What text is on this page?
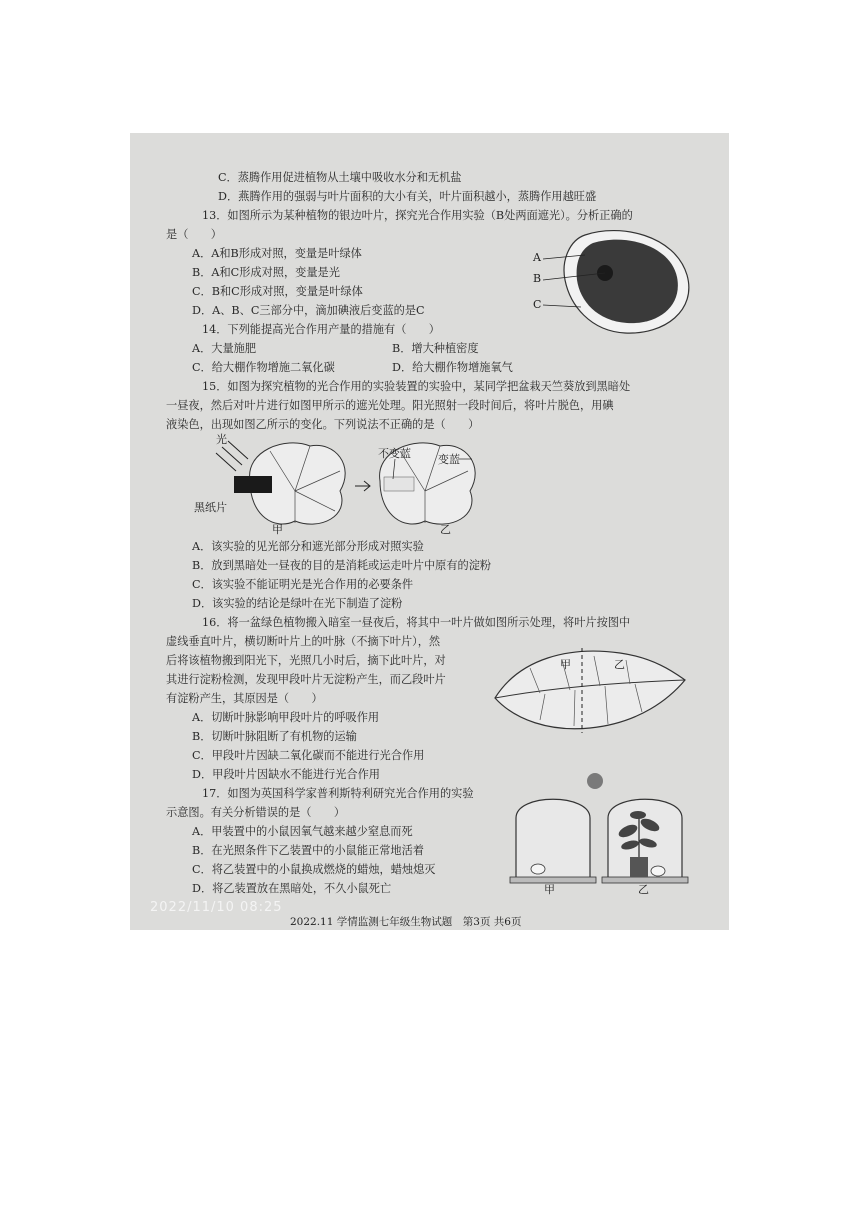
C．蒸腾作用促进植物从土壤中吸收水分和无机盐
D．燕腾作用的强弱与叶片面积的大小有关，叶片面积越小，蒸腾作用越旺盛
13．如图所示为某种植物的银边叶片，探究光合作用实验（B处两面遮光）。分析正确的
是（　　）
A．A和B形成对照，变量是叶绿体
B．A和C形成对照，变量是光
C．B和C形成对照，变量是叶绿体
D．A、B、C三部分中，滴加碘液后变蓝的是C
14．下列能提高光合作用产量的措施有（　　）
A．大量施肥	B．增大种植密度
C．给大棚作物增施二氧化碳	D．给大棚作物增施氧气
15．如图为探究植物的光合作用的实验装置的实验中，某同学把盆栽天竺葵放到黑暗处
一昼夜，然后对叶片进行如图甲所示的遮光处理。阳光照射一段时间后，将叶片脱色，用碘
液染色，出现如图乙所示的变化。下列说法不正确的是（　　）
A．该实验的见光部分和遮光部分形成对照实验
B．放到黑暗处一昼夜的目的是消耗或运走叶片中原有的淀粉
C．该实验不能证明光是光合作用的必要条件
D．该实验的结论是绿叶在光下制造了淀粉
16．将一盆绿色植物搬入暗室一昼夜后，将其中一叶片做如图所示处理，将叶片按图中
虚线垂直叶片，横切断叶片上的叶脉（不摘下叶片），然
后将该植物搬到阳光下，光照几小时后，摘下此叶片，对
其进行淀粉检测，发现甲段叶片无淀粉产生，而乙段叶片
有淀粉产生，其原因是（　　）
A．切断叶脉影响甲段叶片的呼吸作用
B．切断叶脉阻断了有机物的运输
C．甲段叶片因缺二氧化碳而不能进行光合作用
D．甲段叶片因缺水不能进行光合作用
17．如图为英国科学家普利斯特利研究光合作用的实验
示意图。有关分析错误的是（　　）
A．甲装置中的小鼠因氧气越来越少窒息而死
B．在光照条件下乙装置中的小鼠能正常地活着
C．将乙装置中的小鼠换成燃烧的蜡烛，蜡烛熄灭
D．将乙装置放在黑暗处，不久小鼠死亡
A
B
C
光
黑纸片
不变蓝 变蓝
甲	乙
甲	乙
甲	乙
2022/11/10 08:25
2022.11 学情监测七年级生物试题　第3页 共6页
